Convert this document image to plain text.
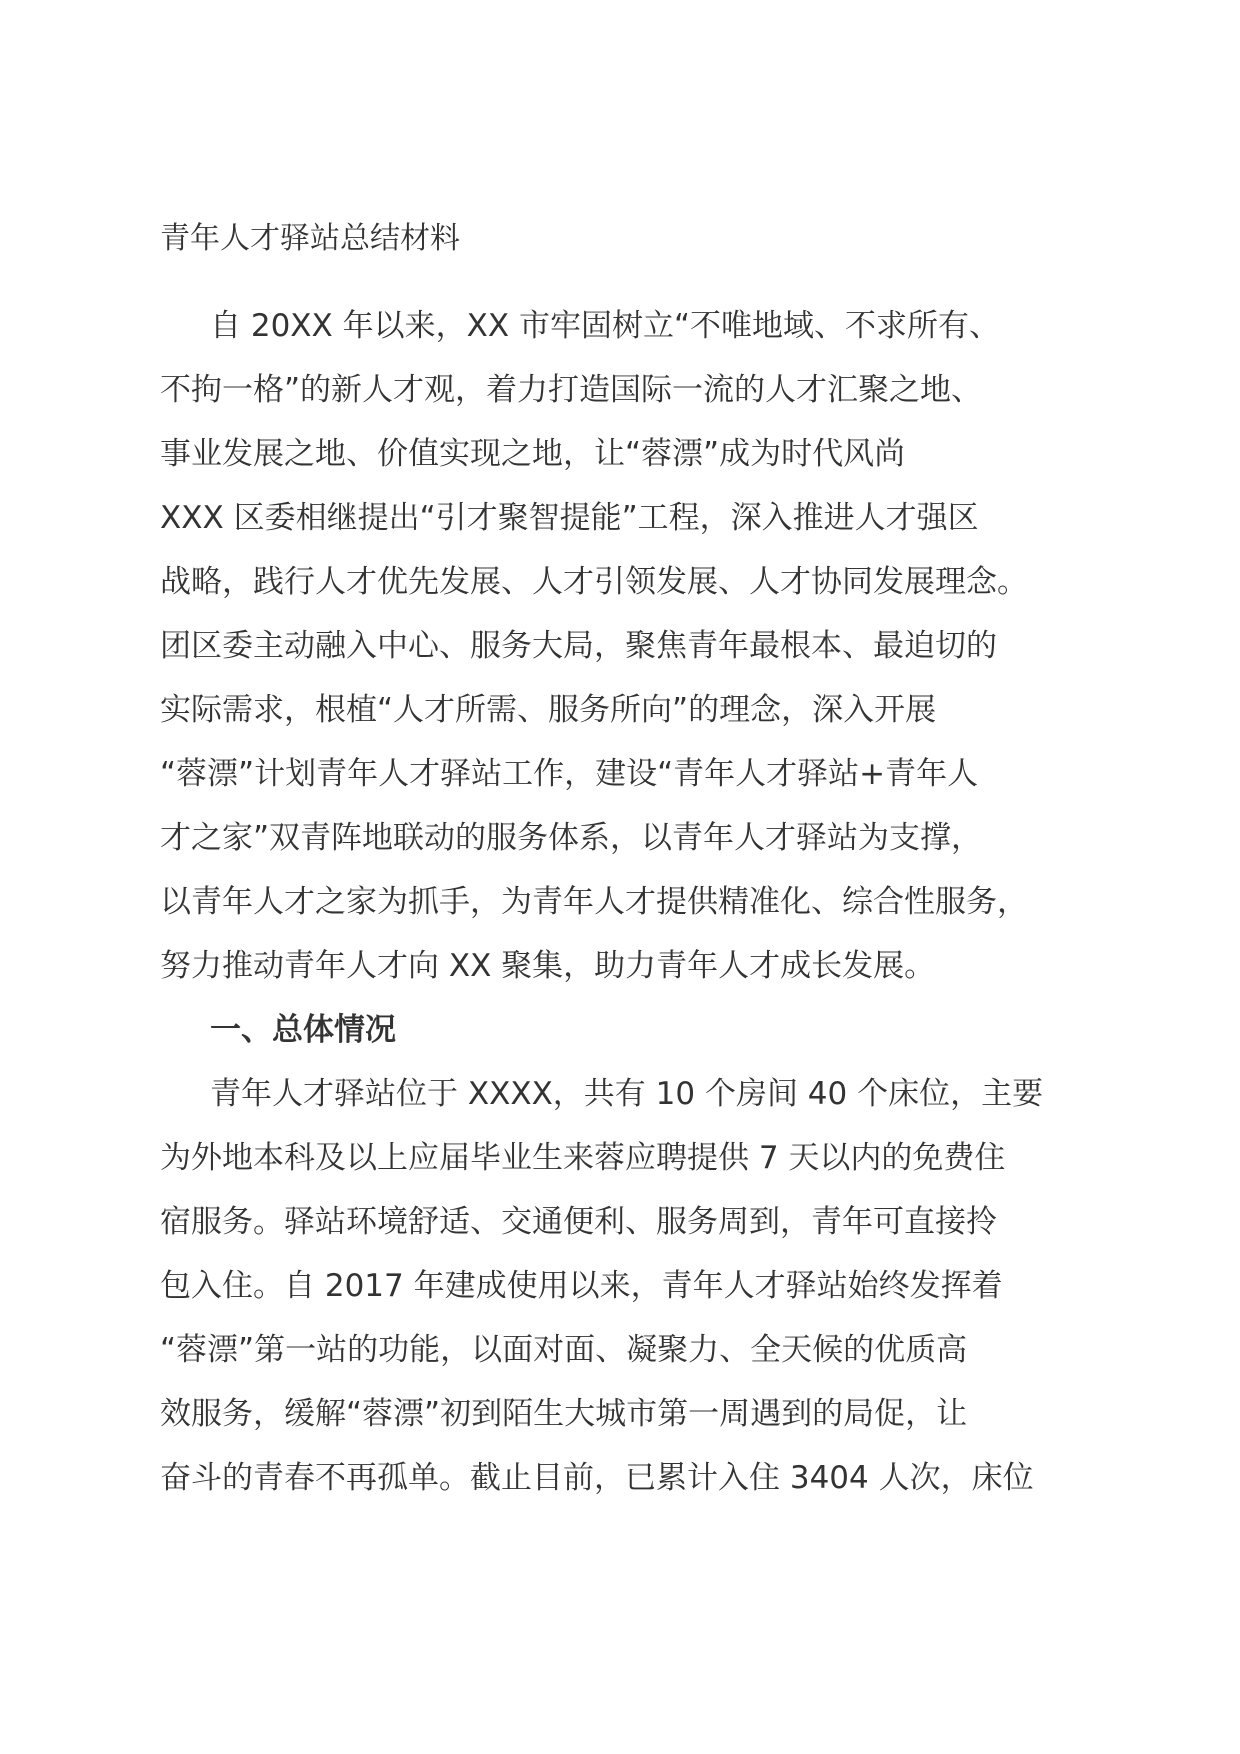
青年人才驿站总结材料
自 20XX 年以来，XX 市牢固树立“不唯地域、不求所有、
不拘一格”的新人才观，着力打造国际一流的人才汇聚之地、
事业发展之地、价值实现之地，让“蓉漂”成为时代风尚
XXX 区委相继提出“引才聚智提能”工程，深入推进人才强区
战略，践行人才优先发展、人才引领发展、人才协同发展理念。
团区委主动融入中心、服务大局，聚焦青年最根本、最迫切的
实际需求，根植“人才所需、服务所向”的理念，深入开展
“蓉漂”计划青年人才驿站工作，建设“青年人才驿站+青年人
才之家”双青阵地联动的服务体系，以青年人才驿站为支撑，
以青年人才之家为抓手，为青年人才提供精准化、综合性服务，
努力推动青年人才向 XX 聚集，助力青年人才成长发展。
一、总体情况
青年人才驿站位于 XXXX，共有 10 个房间 40 个床位，主要
为外地本科及以上应届毕业生来蓉应聘提供 7 天以内的免费住
宿服务。驿站环境舒适、交通便利、服务周到，青年可直接拎
包入住。自 2017 年建成使用以来，青年人才驿站始终发挥着
“蓉漂”第一站的功能，以面对面、凝聚力、全天候的优质高
效服务，缓解“蓉漂”初到陌生大城市第一周遇到的局促，让
奋斗的青春不再孤单。截止目前，已累计入住 3404 人次，床位
